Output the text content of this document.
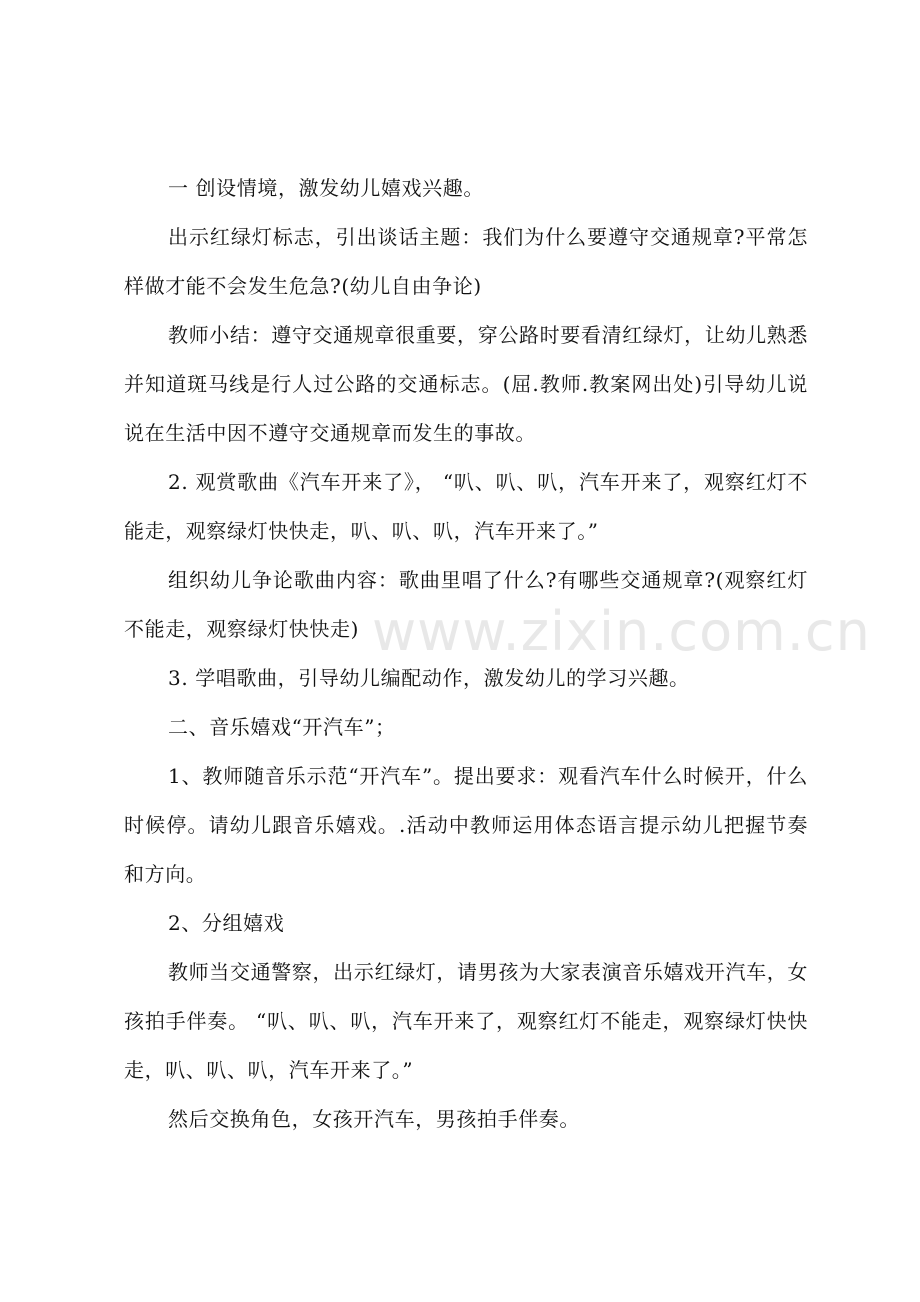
一 创设情境，激发幼儿嬉戏兴趣。

出示红绿灯标志，引出谈话主题：我们为什么要遵守交通规章?平常怎样做才能不会发生危急?(幼儿自由争论)

教师小结：遵守交通规章很重要，穿公路时要看清红绿灯，让幼儿熟悉并知道斑马线是行人过公路的交通标志。(屈.教师.教案网出处)引导幼儿说说在生活中因不遵守交通规章而发生的事故。

2. 观赏歌曲《汽车开来了》， “叭、叭、叭，汽车开来了，观察红灯不能走，观察绿灯快快走，叭、叭、叭，汽车开来了。”

组织幼儿争论歌曲内容：歌曲里唱了什么?有哪些交通规章?(观察红灯不能走，观察绿灯快快走)

3. 学唱歌曲，引导幼儿编配动作，激发幼儿的学习兴趣。

二、音乐嬉戏“开汽车”；

1、教师随音乐示范“开汽车”。提出要求：观看汽车什么时候开，什么时候停。请幼儿跟音乐嬉戏。.活动中教师运用体态语言提示幼儿把握节奏和方向。

2、分组嬉戏

教师当交通警察，出示红绿灯，请男孩为大家表演音乐嬉戏开汽车，女孩拍手伴奏。 “叭、叭、叭，汽车开来了，观察红灯不能走，观察绿灯快快走，叭、叭、叭，汽车开来了。”

然后交换角色，女孩开汽车，男孩拍手伴奏。

www.zixin.com.cn
